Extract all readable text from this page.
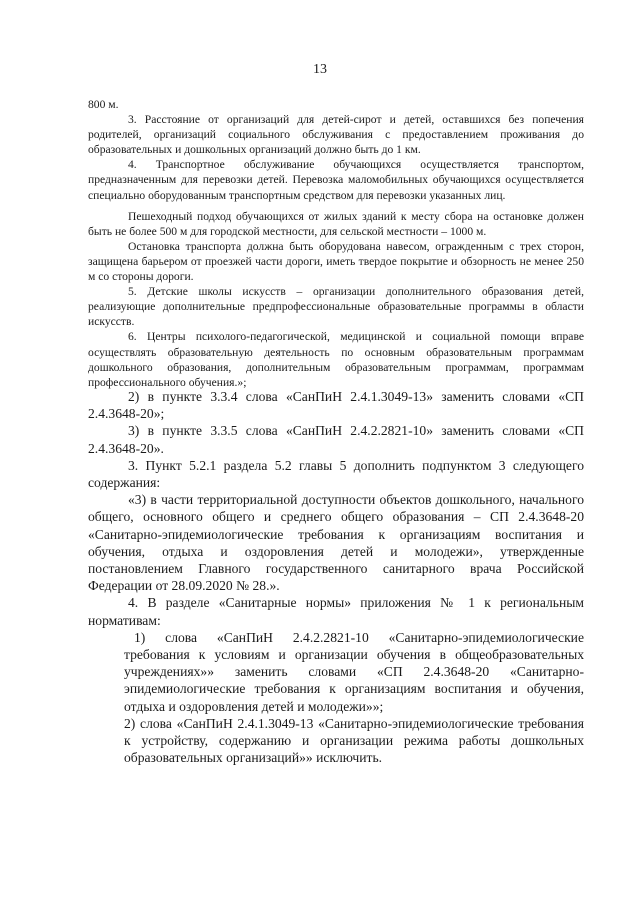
13

800 м.

3. Расстояние от организаций для детей-сирот и детей, оставшихся без попечения родителей, организаций социального обслуживания с предоставлением проживания до образовательных и дошкольных организаций должно быть до 1 км.

4. Транспортное обслуживание обучающихся осуществляется транспортом, предназначенным для перевозки детей. Перевозка маломобильных обучающихся осуществляется специально оборудованным транспортным средством для перевозки указанных лиц.

Пешеходный подход обучающихся от жилых зданий к месту сбора на остановке должен быть не более 500 м для городской местности, для сельской местности – 1000 м.

Остановка транспорта должна быть оборудована навесом, огражденным с трех сторон, защищена барьером от проезжей части дороги, иметь твердое покрытие и обзорность не менее 250 м со стороны дороги.

5. Детские школы искусств – организации дополнительного образования детей, реализующие дополнительные предпрофессиональные образовательные программы в области искусств.

6. Центры психолого-педагогической, медицинской и социальной помощи вправе осуществлять образовательную деятельность по основным образовательным программам дошкольного образования, дополнительным образовательным программам, программам профессионального обучения.»;

2) в пункте 3.3.4 слова «СанПиН 2.4.1.3049-13» заменить словами «СП 2.4.3648-20»;

3) в пункте 3.3.5 слова «СанПиН 2.4.2.2821-10» заменить словами «СП 2.4.3648-20».

3. Пункт 5.2.1 раздела 5.2 главы 5 дополнить подпунктом 3 следующего содержания:

«3) в части территориальной доступности объектов дошкольного, начального общего, основного общего и среднего общего образования – СП 2.4.3648-20 «Санитарно-эпидемиологические требования к организациям воспитания и обучения, отдыха и оздоровления детей и молодежи», утвержденные постановлением Главного государственного санитарного врача Российской Федерации от 28.09.2020 № 28.».

4. В разделе «Санитарные нормы» приложения № 1 к региональным нормативам:

1) слова «СанПиН 2.4.2.2821-10 «Санитарно-эпидемиологические требования к условиям и организации обучения в общеобразовательных учреждениях»» заменить словами «СП 2.4.3648-20 «Санитарно-эпидемиологические требования к организациям воспитания и обучения, отдыха и оздоровления детей и молодежи»»;

2) слова «СанПиН 2.4.1.3049-13 «Санитарно-эпидемиологические требования к устройству, содержанию и организации режима работы дошкольных образовательных организаций»» исключить.
